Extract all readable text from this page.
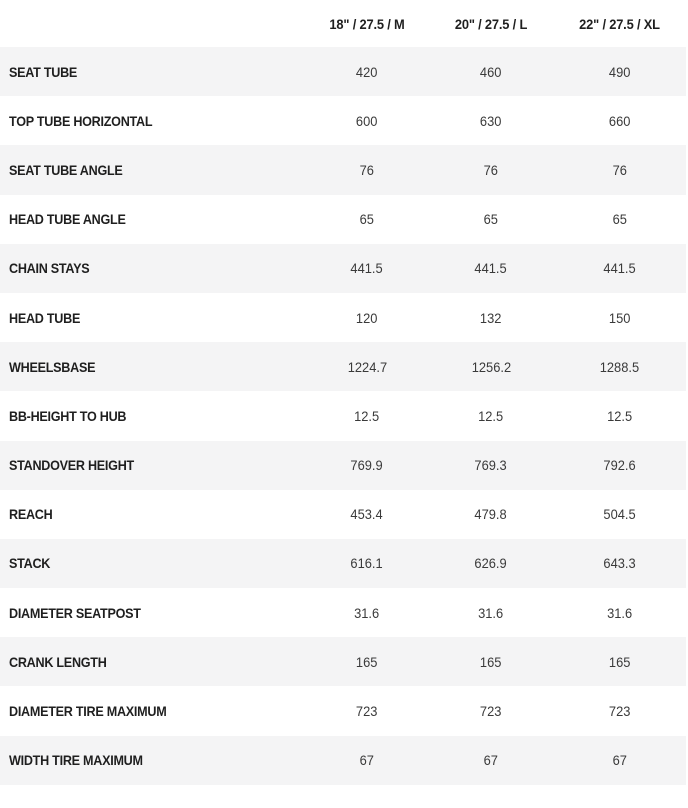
	18" / 27.5 / M	20" / 27.5 / L	22" / 27.5 / XL
SEAT TUBE	420	460	490
TOP TUBE HORIZONTAL	600	630	660
SEAT TUBE ANGLE	76	76	76
HEAD TUBE ANGLE	65	65	65
CHAIN STAYS	441.5	441.5	441.5
HEAD TUBE	120	132	150
WHEELSBASE	1224.7	1256.2	1288.5
BB-HEIGHT TO HUB	12.5	12.5	12.5
STANDOVER HEIGHT	769.9	769.3	792.6
REACH	453.4	479.8	504.5
STACK	616.1	626.9	643.3
DIAMETER SEATPOST	31.6	31.6	31.6
CRANK LENGTH	165	165	165
DIAMETER TIRE MAXIMUM	723	723	723
WIDTH TIRE MAXIMUM	67	67	67
